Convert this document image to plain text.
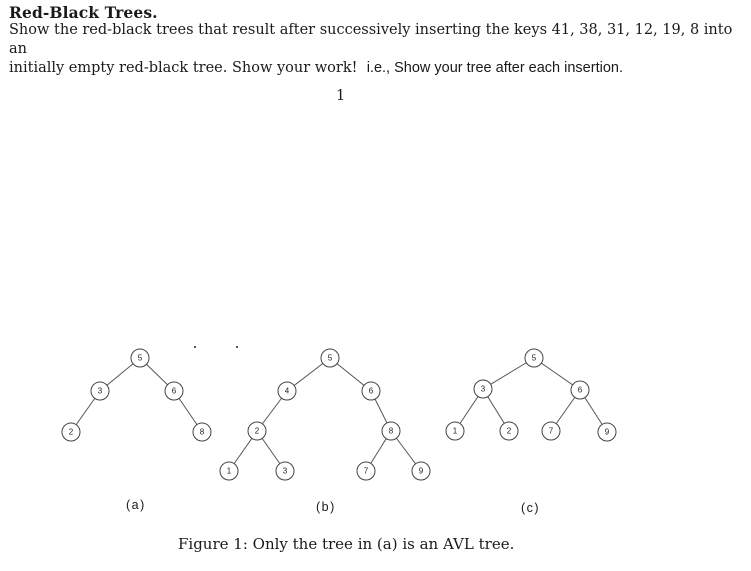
Red-Black Trees.
Show the red-black trees that result after successively inserting the keys 41, 38, 31, 12, 19, 8 into an
initially empty red-black tree. Show your work! i.e., Show your tree after each insertion.
1
5
3	6
2	8
5
4	6
2	8
1	3	7	9
5
3	6
1	2	7	9
(a)	(b)	(c)
Figure 1: Only the tree in (a) is an AVL tree.
